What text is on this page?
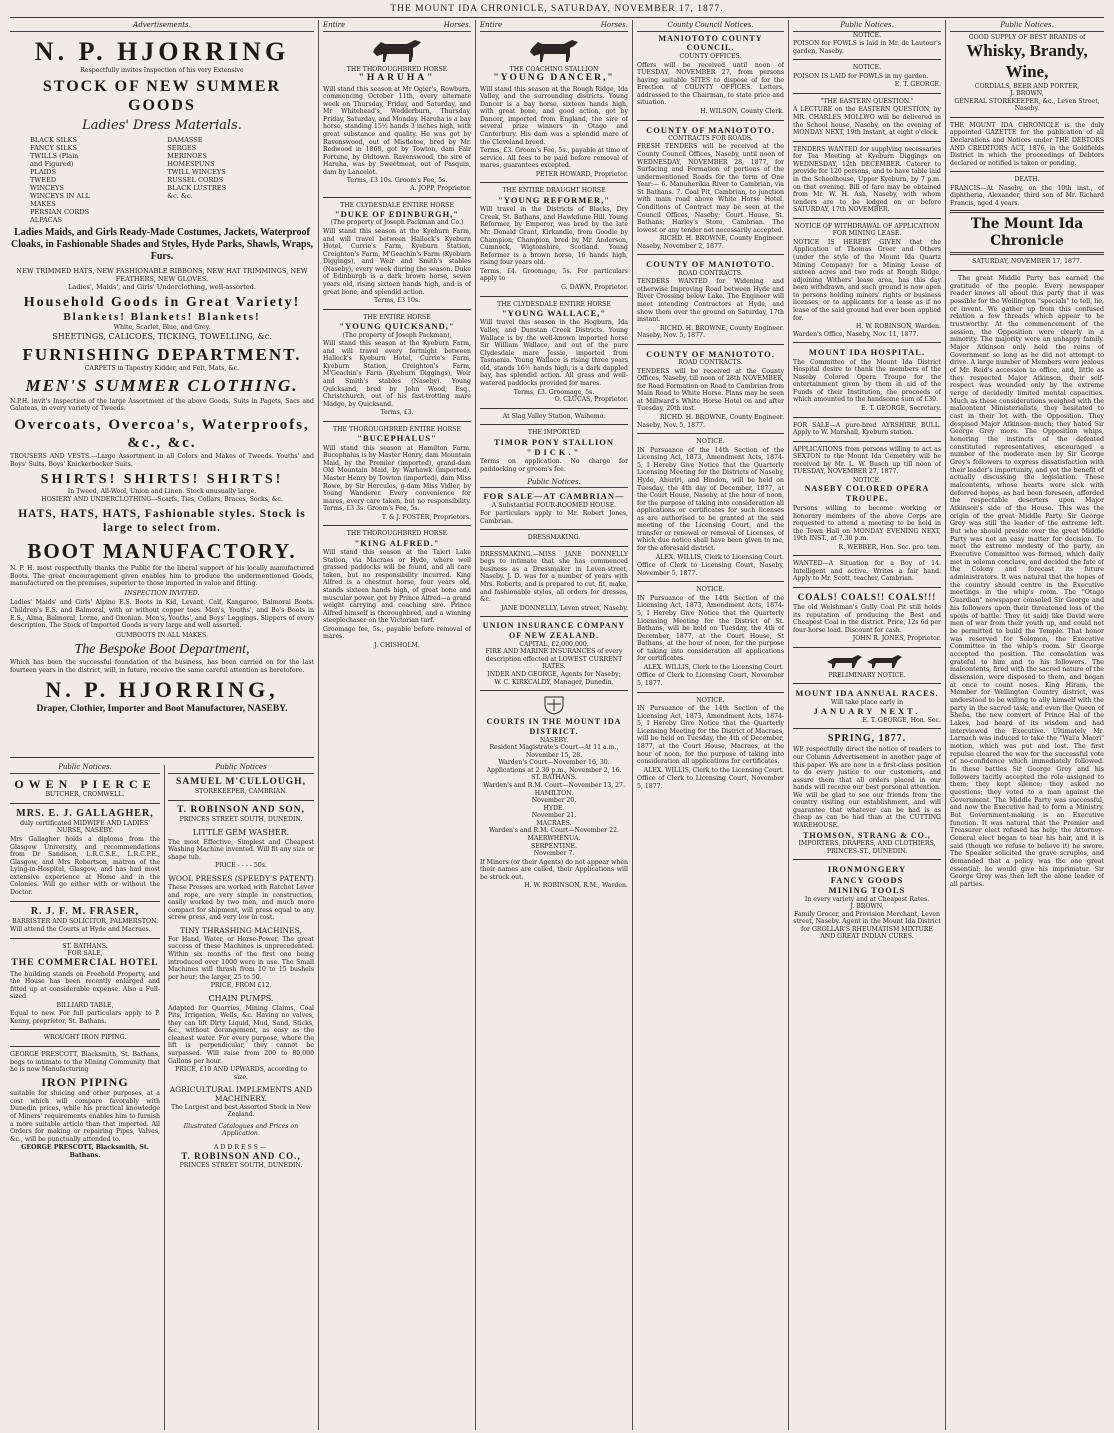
THE MOUNT IDA CHRONICLE, SATURDAY, NOVEMBER 17, 1877.
Advertisements.
N. P. HJORRING
Respectfully invites Inspection of his very Extensive
STOCK OF NEW SUMMER GOODS
Ladies' Dress Materials.
BLACK SILKS
FANCY SILKS
TWILLS (Plain and Figured)
PLAIDS
TWEED WINCEYS
WINCEYS IN ALL MAKES
PERSIAN CORDS
ALPACAS
DAMASSE
SERGES
MERINOES
HOMESPUNS
TWILL WINCEYS
RUSSEL CORDS
BLACK LUSTRES
&c. &c.
Ladies Maids, and Girls Ready-Made Costumes, Jackets, Waterproof Cloaks, in Fashionable Shades and Styles, Hyde Parks, Shawls, Wraps, Furs.
NEW TRIMMED HATS, NEW FASHIONABLE RIBBONS, NEW HAT TRIMMINGS, NEW FEATHERS, NEW GLOVES.
Ladies', Maids', and Girls' Underclothing, well-assorted.
Household Goods in Great Variety!
Blankets! Blankets! Blankets!
White, Scarlet, Blue, and Grey.
SHEETINGS, CALICOES, TICKING, TOWELLING, &c.
FURNISHING DEPARTMENT.
CARPETS in Tapestry Kidder, and Felt, Mats, &c.
MEN'S SUMMER CLOTHING.
N.P.H. invit's Inspection of the large Assortment of the above Goods. Suits in Pagets, Sacs and Galateas, in every variety of Tweeds.
Overcoats, Overcoa's, Waterproofs, &c., &c.
TROUSERS AND VESTS.—Large Assortment in all Colors and Makes of Tweeds. Youths' and Boys' Suits. Boys' Knickerbocker Suits.
SHIRTS! SHIRTS! SHIRTS!
In Tweed, All-Wool, Union and Linen. Stock unusually large.
HOSIERY AND UNDERCLOTHING—Scarfs, Ties, Collars, Braces, Socks, &c.
HATS, HATS, HATS, Fashionable styles. Stock is large to select from.
BOOT MANUFACTORY.
N. P. H. most respectfully thanks the Public for the liberal support of his locally manufactured Boots. The great encouragement given enables him to produce the undermentioned Goods, manufactured on the premises, superior to those imported in value and fitting.
INSPECTION INVITED.
Ladies' Maids' and Girls' Alpine E.S. Boots in Kid, Levant, Calf, Kangaroo, Balmoral Boots. Children's E.S. and Balmoral, with or without copper toes. Men's, Youths', and Bo's Boots in E.S., Alma, Balmoral, Lorne, and Oxonian. Men's, Youths', and Boys' Leggings. Slippers of every description. The Stock of Imported Goods is very large and well assorted.
GUMBOOTS IN ALL MAKES.
The Bespoke Boot Department,
Which has been the successful foundation of the business, has been carried on for the last fourteen years in the district, will, in future, receive the same careful attention as heretofore.
N. P. HJORRING,
Draper, Clothier, Importer and Boot Manufacturer, NASEBY.
Public Notices.
OWEN PIERCE
BUTCHER, CROMWELL.
MRS. E. J. GALLAGHER,
duly certificated MIDWIFE AND LADIES' NURSE, NASEBY.
Mrs Gallagher holds a diploma from the Glasgow University, and recommendations from Dr Sandison, L.R.C.S.E., L.R.C.P.E., Glasgow, and Mrs Robertson, matron of the Lying-in-Hospital, Glasgow, and has had most extensive experience at Home and in the Colonies. Will go either with or without the Doctor.
R. J. F. M. FRASER,
BARRISTER AND SOLICITOR, PALMERSTON.
Will attend the Courts at Hyde and Macraes.
ST. BATHANS.
FOR SALE,
THE COMMERCIAL HOTEL
The building stands on Freehold Property, and the House has been recently enlarged and fitted up at considerable expense. Also a Full-sized
BILLIARD TABLE,
Equal to new. For full particulars apply to P. Kenny, proprietor, St. Bathans.
WROUGHT IRON PIPING.
GEORGE PRESCOTT, Blacksmith, St. Bathans, begs to intimate to the Mining Community that he is now Manufacturing
IRON PIPING
suitable for sluicing and other purposes, at a cost which will compare favorably with Dunedin prices, while his practical knowledge of Miners' requirements enables him to furnish a more suitable article than that imported. All Orders for making or repairing Pipes, Valves, &c., will be punctually attended to.
GEORGE PRESCOTT, Blacksmith, St. Bathans.
Public Notices
SAMUEL M'CULLOUGH,
STOREKEEPER, CAMBRIAN.
T. ROBINSON AND SON,
PRINCES STREET SOUTH, DUNEDIN.
LITTLE GEM WASHER.
The most Effective, Simplest and Cheapest Washing Machine invented. Will fit any size or shape tub.
PRICE - - - - 50s.
WOOL PRESSES (SPEEDY'S PATENT)
These Presses are worked with Ratchet Lever and rope, are very simple in construction, easily worked by two men, and much more compact for shipment, will press equal to any screw press, and very low in cost.
TINY THRASHING MACHINES,
For Hand, Water, or Horse-Power. The great success of these Machines is unprecedented. Within six months of the first one being introduced over 1000 were in use. The Small Machines will thrash from 10 to 15 bushels per hour; the larger, 25 to 50.
PRICE, FROM £12.
CHAIN PUMPS.
Adapted for Quarries, Mining Claims, Coal Pits, Irrigation, Wells, &c. Having no valves, they can lift Dirty Liquid, Mud, Sand, Sticks, &c., without derangement, as easy as the cleanest water. For every purpose, where the lift is perpendicular, they cannot be surpassed. Will raise from 200 to 80,000 Gallons per hour.
PRICE, £10 AND UPWARDS, according to size.
AGRICULTURAL IMPLEMENTS AND MACHINERY.
The Largest and best Assorted Stock in New Zealand.
Illustrated Catalogues and Prices on Application.
ADDRESS—
T. ROBINSON AND CO.,
PRINCES STREET SOUTH, DUNEDIN.
Entire	Horses.
THE THOROUGHBRED HORSE
"HARUHA"
Will stand this season at Mr Ogier's, Rowburn, commencing October 11th, every alternate week on Thursday, Friday, and Saturday, and Mr Whitehead's, Wedderburn, Thursday, Friday, Saturday, and Monday. Haruha is a bay horse, standing 15½ hands 3 inches high, with great substance and quality. He was got by Ravenswood, out of Mistletoe, bred by Mr. Redwood in 1868, got by Towton, dam Fair Fortune, by Oldtown. Ravenswood, the sire of Haruha, was by Sweetmeat, out of Pasquin, dam by Lancelot.
Terms, £3 10s. Groom's Fee, 5s.
A. JOPP, Proprietor.
THE CLYDESDALE ENTIRE HORSE
"DUKE OF EDINBURGH,"
(The property of Joseph Packman and Co.)
Will stand this season at the Kyeburn Farm, and will travel between Hallock's Kyeburn Hotel, Currie's Farm, Kyeburn Station, Creighton's Farm, M'Geachin's Farm (Kyeburn Diggings), and Weir and Smith's stables (Naseby), every week during the season. Duke of Edinburgh is a dark brown horse, seven years old, rising sixteen hands high, and is of great bone, and splendid action.
Terms, £3 10s.
THE ENTIRE HORSE
"YOUNG QUICKSAND,"
(The property of Joseph Packman),
Will stand this season at the Kyeburn Farm, and will travel every fortnight between Hallock's Kyeburn Hotel, Currie's Farm, Kyeburn Station, Creighton's Farm, M'Geachin's Farm (Kyeburn Diggings), Weir and Smith's stables (Naseby). Young Quicksand, bred by John Wood, Esq., Christchurch, out of his fast-trotting mare Madge, by Quicksand.
Terms, £3.
THE THOROUGHBRED ENTIRE HORSE
"BUCEPHALUS"
Will stand this season at Hamilton Farm. Bucephalus is by Master Henry, dam Mountain Maid, by the Premier (imported), grand-dam Old Mountain Maid, by Warhawk (imported). Master Henry by Towton (imported), dam Miss Rowe, by Sir Hercules, g-dam Miss Vidler, by Young Wanderer. Every convenience for mares, every care taken, but no responsibility. Terms, £3 3s. Groom's Fee, 5s.
T. & J. FOSTER, Proprietors.
THE THOROUGHBRED HORSE
"KING ALFRED."
Will stand this season at the Taieri Lake Station, via Macraes or Hyde, where well grassed paddocks will be found, and all care taken, but no responsibility incurred. King Alfred is a chestnut horse, four years old, stands sixteen hands high, of great bone and muscular power, got by Prince Alfred—a grand weight carrying and coaching sire. Prince Alfred himself is thoroughbred, and a winning steeplechaser on the Victorian turf.
Groomage fee, 5s., payable before removal of mares.
J. CHISHOLM.
Entire	Horses.
THE COACHING STALLION
"YOUNG DANCER,"
Will stand this season at the Rough Ridge, Ida Valley, and the surrounding districts. Young Dancer is a bay horse, sixteen hands high, with great bone, and good action, got by Dancer, imported from England, the sire of several prize winners in Otago and Canterbury. His dam was a splendid mare of the Cleveland breed.
Terms, £3. Groom's Fee, 5s., payable at time of service. All fees to be paid before removal of mares, guarantees excepted.
PETER HOWARD, Proprietor.
THE ENTIRE DRAUGHT HORSE
"YOUNG REFORMER,"
Will travel in the Districts of Blacks, Dry Creek, St. Bathans, and Hawkdune Hill. Young Reformer, by Emperor, was bred by the late Mr. Donald Grant, Kirkandle, from Goodie by Champion; Champion, bred by Mr. Anderson, Cumnock, Wigtonshire, Scotland. Young Reformer is a brown horse, 16 hands high, rising four years old.
Terms, £4. Groomage, 5s. For particulars apply to
G. DAWN, Proprietor.
THE CLYDESDALE ENTIRE HORSE
"YOUNG WALLACE,"
Will travel this season in the Hogburn, Ida Valley, and Dunstan Creek Districts. Young Wallace is by the well-known imported horse Sir William Wallace, and out of the pure Clydesdale mare Jessie, imported from Tasmania. Young Wallace is rising three years old, stands 16½ hands high, is a dark dappled bay, has splendid action. All grass and well-watered paddocks provided for mares.
Terms, £3. Groomage, 5s.
O. CLUCAS, Proprietor.
At Slag Valley Station, Waihemo.
THE IMPORTED
TIMOR PONY STALLION
"DICK."
Terms on application. No charge for paddocking or groom's fee.
Public Notices.
FOR SALE—AT CAMBRIAN—
A Substantial FOUR-ROOMED HOUSE.
For particulars apply to Mr. Robert Jones, Cambrian.
DRESSMAKING.
DRESSMAKING.—MISS JANE DONNELLY begs to intimate that she has commenced business as a Dressmaker in Leven-street, Naseby. J. D. was for a number of years with Mrs. Roberts, and is prepared to cut, fit, make, and fashionable styles, all orders for dresses, &c.
JANE DONNELLY, Leven street, Naseby.
UNION INSURANCE COMPANY OF NEW ZEALAND.
CAPITAL, £2,000,000.
FIRE AND MARINE INSURANCES of every description effected at LOWEST CURRENT RATES.
INDER AND GEORGE, Agents for Naseby;
W. C. KIRKCALDY, Manager, Dunedin.
COURTS IN THE MOUNT IDA DISTRICT.
NASEBY.
Resident Magistrate's Court—At 11 a.m., November 15, 28.
Warden's Court—November 16, 30.
Applications at 2.30 p.m., November 2, 16.
ST. BATHANS.
Warden's and R.M. Court—November 13, 27.
HAMILTON.
November 20.
HYDE.
November 21.
MACRAES.
Warden's and R.M. Court—November 22.
MAERWHENUA.
SERPENTINE.
November 7.
If Miners (or their Agents) do not appear when their names are called, their Applications will be struck out.
H. W. ROBINSON, R.M., Warden.
County Council Notices.
MANIOTOTO COUNTY COUNCIL.
COUNTY OFFICES.
Offers will be received until noon of TUESDAY, NOVEMBER 27, from persons having suitable SITES to dispose of for the Erection of COUNTY OFFICES. Letters, addressed to the Chairman, to state price and situation.
H. WILSON, County Clerk.
COUNTY OF MANIOTOTO.
CONTRACTS FOR ROADS.
FRESH TENDERS will be received at the County Council Offices, Naseby, until noon of WEDNESDAY, NOVEMBER 28, 1877, for Surfacing and Formation of portions of the undermentioned Roads for the term of One Year:— 6. Manuherikia River to Cambrian, via St Bathans. 7. Coal Pit, Cambrian, to junction with main road above White Horse Hotel. Conditions of Contract may be seen at the Council Offices, Naseby; Court House, St. Bathans; Harley's Store, Cambrian. The lowest or any tender not necessarily accepted.
RICHD. H. BROWNE, County Engineer.
Naseby, November 2, 1877.
COUNTY OF MANIOTOTO.
ROAD CONTRACTS.
TENDERS WANTED for Widening and otherwise Improving Road between Hyde and River Crossing below Lake. The Engineer will meet intending Contractors at Hyde, and show them over the ground on Saturday, 17th instant.
RICHD. H. BROWNE, County Engineer.
Naseby, Nov. 5, 1877.
COUNTY OF MANIOTOTO.
ROAD CONTRACTS.
TENDERS will be received at the County Offices, Naseby, till noon of 28th NOVEMBER, for Road Formation on Road to Cambrian from Main Road to White Horse. Plans may be seen at Millward's White Horse Hotel on and after Tuesday, 20th inst.
RICHD. H. BROWNE, County Engineer.
Naseby, Nov. 5, 1877.
NOTICE.
IN Pursuance of the 14th Section of the Licensing Act, 1873, Amendment Acts, 1874-5, I Hereby Give Notice that the Quarterly Licensing Meeting for the Districts of Naseby, Hyde, Ahuriri, and Hindon, will be held on Tuesday, the 4th day of December, 1877, at the Court House, Naseby, at the hour of noon, for the purpose of taking into consideration all applications or certificates for such licenses as are authorised to be granted at the said meeting of the Licensing Court, and the transfer or renewal or removal of Licenses, of which due notice shall have been given to me, for the aforesaid district.
ALEX. WILLIS, Clerk to Licensing Court.
Office of Clerk to Licensing Court, Naseby, November 5, 1877.
NOTICE.
IN Pursuance of the 14th Section of the Licensing Act, 1873, Amendment Acts, 1874-5, I Hereby Give Notice that the Quarterly Licensing Meeting for the District of St. Bathans, will be held on Tuesday, the 4th of December, 1877, at the Court House, St Bathans, at the hour of noon, for the purpose of taking into consideration all applications for certificates.
ALEX. WILLIS, Clerk to the Licensing Court.
Office of Clerk to Licensing Court, November 5, 1877.
NOTICE.
IN Pursuance of the 14th Section of the Licensing Act, 1873, Amendment Acts, 1874-5, I Hereby Give Notice that the Quarterly Licensing Meeting for the District of Macraes, will be held on Tuesday, the 4th of December, 1877, at the Court House, Macraes, at the hour of noon, for the purpose of taking into consideration all applications for certificates.
ALEX. WILLIS, Clerk to the Licensing Court.
Office of Clerk to Licensing Court, November 5, 1877.
Public Notices.
NOTICE.
POISON for FOWLS is laid in Mr. de Lautour's garden, Naseby.
NOTICE.
POISON IS LAID for FOWLS in my garden.
E. T. GEORGE.
"THE EASTERN QUESTION."
A LECTURE on the EASTERN QUESTION, by MR. CHARLES MOLLWO will be delivered in the School house, Naseby, on the evening of MONDAY NEXT, 19th Instant, at eight o'clock.
TENDERS WANTED for supplying necessaries for Tea Meeting at Kyeburn Diggings on WEDNESDAY, 12th DECEMBER. Caterer to provide for 120 persons, and to have table laid in the Schoolhouse, Upper Kyeburn, by 7 p.m. on that evening. Bill of fare may be obtained from Mr. W. H. Ash, Naseby, with whom tenders are to be lodged on or before SATURDAY, 17th NOVEMBER.
NOTICE OF WITHDRAWAL OF APPLICATION FOR MINING LEASE.
NOTICE IS HEREBY GIVEN that the Application of Thomas Greer and Others (under the style of the Mount Ida Quartz Mining Company) for a Mining Lease of sixteen acres and two rods at Rough Ridge, adjoining Withers' lease area, has this day been withdrawn, and such ground is now open to persons holding miners' rights or business licenses, or to applicants for a lease as if no lease of the said ground had ever been applied for.
H. W. ROBINSON, Warden.
Warden's Office, Naseby, Nov. 11, 1877.
MOUNT IDA HOSPITAL.
The Committee of the Mount Ida District Hospital desire to thank the members of the Naseby Colored Opera Troupe for the entertainment given by them in aid of the Funds of their Institution, the proceeds of which amounted to the handsome sum of £30.
E. T. GEORGE, Secretary.
FOR SALE—A pure-bred AYRSHIRE BULL. Apply to W. Marshall, Kyeburn station.
APPLICATIONS from persons willing to act as SEXTON to the Mount Ida Cemetery will be received by Mr. L. W. Busch up till noon of TUESDAY, NOVEMBER 27, 1877.
NOTICE.
NASEBY COLORED OPERA TROUPE.
Persons willing to become working or honorary members of the above Corps are requested to attend a meeting to be held in the Town Hall on MONDAY EVENING NEXT, 19th INST., at 7.30 p.m.
R. WEBBER, Hon. Sec. pro. tem.
WANTED—A Situation for a Boy of 14. Intelligent and active. Writes a fair hand. Apply to Mr. Scott, teacher, Cambrian.
COALS! COALS!! COALS!!!
The old Welshman's Gully Coal Pit still holds its reputation of producing the Best and Cheapest Coal in the district. Price, 12s 6d per four-horse load. Discount for cash.
JOHN R. JONES, Proprietor.
PRELIMINARY NOTICE.
MOUNT IDA ANNUAL RACES.
Will take place early in
JANUARY NEXT.
E. T. GEORGE, Hon. Sec.
SPRING, 1877.
WE respectfully direct the notice of readers to our Column Advertisement in another page of this paper. We are now in a first-class position to do every justice to our customers, and assure them that all orders placed in our hands will receive our best personal attention. We will be glad to see our friends from the country visiting our establishment, and will guarantee that whatever can be had is as cheap as can be had than at the CUTTING WAREHOUSE.
THOMSON, STRANG & CO.,
IMPORTERS, DRAPERS, AND CLOTHIERS, PRINCES-ST., DUNEDIN.
IRONMONGERY
FANCY GOODS
MINING TOOLS
In every variety and at Cheapest Rates.
J. BROWN,
Family Grocer, and Provision Merchant, Leven street, Naseby. Agent in the Mount Ida District for GROLLAR'S RHEUMATISM MIXTURE AND GREAT INDIAN CURES.
Public Notices.
GOOD SUPPLY OF BEST BRANDS of
Whisky, Brandy, Wine,
CORDIALS, BEER AND PORTER,
J. BROWN,
GENERAL STOREKEEPER, &c., Leven Street, Naseby.
THE MOUNT IDA CHRONICLE is the duly appointed GAZETTE for the publication of all Declarations and Notices under THE DEBTORS AND CREDITORS ACT, 1876, in the Goldfields District in which the proceedings of Debtors declared or notified is taken or pending.
DEATH.
FRANCIS—At Naseby, on the 10th inst., of diphtheria, Alexander, third son of Mr. Richard Francis, aged 4 years.
The Mount Ida Chronicle
SATURDAY, NOVEMBER 17, 1877.
The great Middle Party has earned the gratitude of the people. Every newspaper reader knows all about this party that it was possible for the Wellington "specials" to tell, lie, or invent. We gather up from this confused relation a few threads which appear to be trustworthy. At the commencement of the session, the Opposition were clearly in a minority. The majority were an unhappy family. Major Atkinson only held the reins of Government so long as he did not attempt to drive. A large number of Members were jealous of Mr. Reid's accession to office, and, little as they respected Major Atkinson, their self-respect was wounded only by the extreme verge of decidedly limited mental capacities. Much as these considerations weighed with the malcontent Ministerialists, they hesitated to cast in their lot with the Opposition. They despised Major Atkinson much; they hated Sir George Grey more. The Opposition whips, honoring the instincts of the defeated constituted representatives, encouraged a number of the moderate men by Sir George Grey's followers to express dissatisfaction with their leader's importunity, and yet the benefit of actually discussing the legislation. These malcontents, whose hearts were sick with deferred hopes, as had been foreseen, afforded the respectable deserters upon Major Atkinson's side of the House. This was the origin of the great Middle Party. Sir George Grey was still the leader of the extreme left. But who should preside over the great Middle Party was not an easy matter for decision. To meet the extreme modesty of the party, an Executive Committee was formed, which daily met in solemn conclave, and decided the fate of the Colony and forecast its future administrators. It was natural that the hopes of the country should centre in the Executive meetings in the whip's room. The "Otago Guardian" newspaper consoled Sir George and his followers upon their threatened loss of the spoils of battle. They (it said) like David were men of war from their youth up, and could not be permitted to build the Temple. That honor was reserved for Solomon, the Executive Committee in the whip's room. Sir George accepted the position. The consolation was grateful to him and to his followers. The malcontents, fired with the sacred nature of the dissension, were disposed to them, and began at once to count noses. King Hiram, the Member for Wellington Country district, was understood to be willing to ally himself with the party in the sacred task; and even the Queen of Sheba, the new convert of Prince Hal of the Lakes, had heard of its wisdom and had interviewed the Executive. Ultimately Mr. Larnach was induced to take the "Wai'a Maori" motion, which was put and lost. The first repulse cleared the way for the successful vote of no-confidence which immediately followed. In these battles Sir George Grey and his followers tacitly accepted the role assigned to them; they kept silence; they asked no questions; they voted to a man against the Government. The Middle Party was successful, and now the Executive had to form a Ministry. But Government-making is an Executive function. It was natural that the Premier and Treasurer elect refused his help; the Attorney-General elect began to tear his hair, and it is said (though we refuse to believe it) he swore. The Speaker solicited the grave scruples, and demanded that a policy was the one great essential; he would give his imprimatur. Sir George Grey was then left the alone leader of all parties.
